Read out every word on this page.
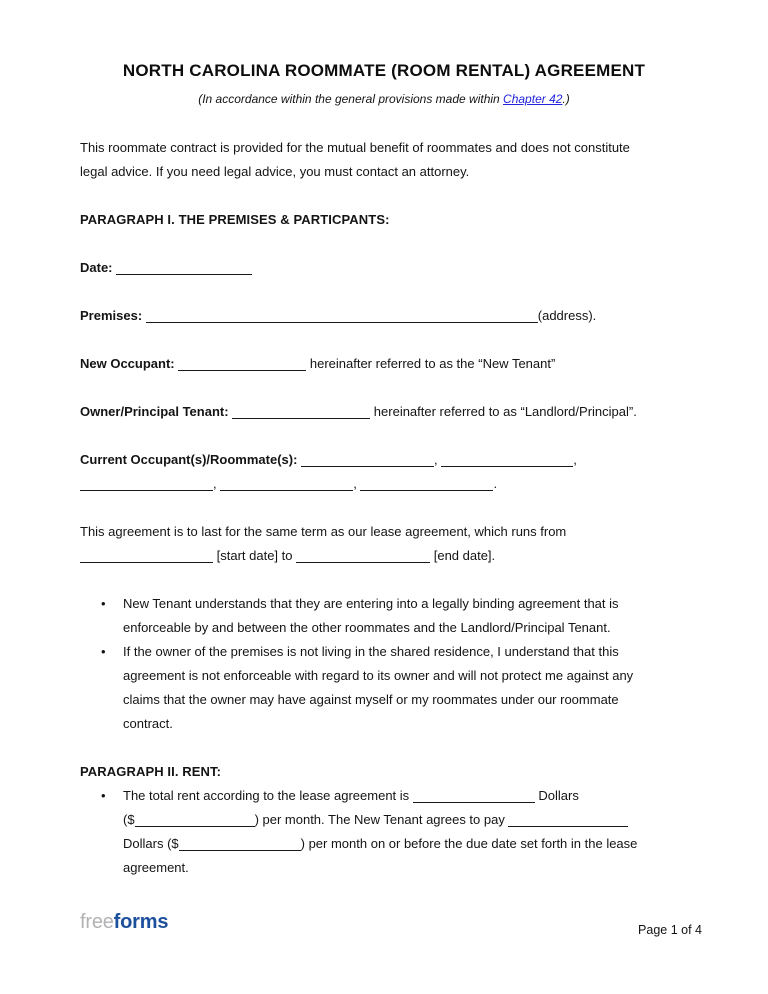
NORTH CAROLINA ROOMMATE (ROOM RENTAL) AGREEMENT
(In accordance within the general provisions made within Chapter 42.)
This roommate contract is provided for the mutual benefit of roommates and does not constitute
legal advice. If you need legal advice, you must contact an attorney.
PARAGRAPH I. THE PREMISES & PARTICPANTS:
Date:
Premises:	(address).
New Occupant:	hereinafter referred to as the “New Tenant”
Owner/Principal Tenant:	hereinafter referred to as “Landlord/Principal”.
Current Occupant(s)/Roommate(s):	,	,
,	,	.
This agreement is to last for the same term as our lease agreement, which runs from
[start date] to	[end date].
• New Tenant understands that they are entering into a legally binding agreement that is
enforceable by and between the other roommates and the Landlord/Principal Tenant.
• If the owner of the premises is not living in the shared residence, I understand that this
agreement is not enforceable with regard to its owner and will not protect me against any
claims that the owner may have against myself or my roommates under our roommate
contract.
PARAGRAPH II. RENT:
• The total rent according to the lease agreement is	Dollars
($	) per month. The New Tenant agrees to pay
Dollars ($	) per month on or before the due date set forth in the lease
agreement.
freeforms	Page 1 of 4
